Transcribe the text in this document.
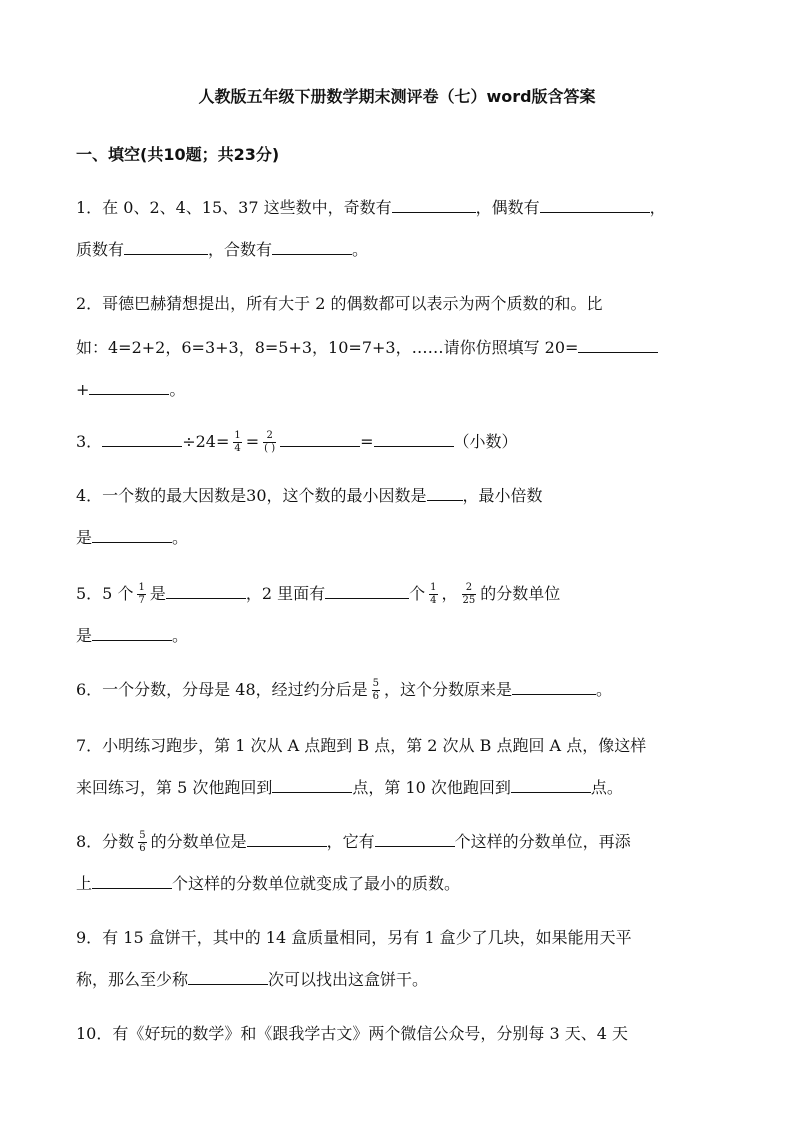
人教版五年级下册数学期末测评卷（七）word版含答案
一、填空(共10题；共23分)
1．在 0、2、4、15、37 这些数中，奇数有	，偶数有	，
质数有	，合数有	。
2．哥德巴赫猜想提出，所有大于 2 的偶数都可以表示为两个质数的和。比
如：4=2+2，6=3+3，8=5+3，10=7+3，……请你仿照填写 20=
+	。
3．	$\div 24= \frac{1}{4} = \frac{2}{( )}$	=	（小数）
4．一个数的最大因数是30，这个数的最小因数是 ，最小倍数
是	。
5．5 个 $\frac{1}{7}$ 是	，2 里面有	个 $\frac{1}{4}$ ， $\frac{2}{25}$ 的分数单位
是	。
6．一个分数，分母是 48，经过约分后是 $\frac{5}{6}$ ，这个分数原来是	。
7．小明练习跑步，第 1 次从 A 点跑到 B 点，第 2 次从 B 点跑回 A 点，像这样
来回练习，第 5 次他跑回到	点，第 10 次他跑回到	点。
8．分数 $\frac{5}{6}$ 的分数单位是	，它有	个这样的分数单位，再添
上	个这样的分数单位就变成了最小的质数。
9．有 15 盒饼干，其中的 14 盒质量相同，另有 1 盒少了几块，如果能用天平
称，那么至少称	次可以找出这盒饼干。
10．有《好玩的数学》和《跟我学古文》两个微信公众号，分别每 3 天、4 天
